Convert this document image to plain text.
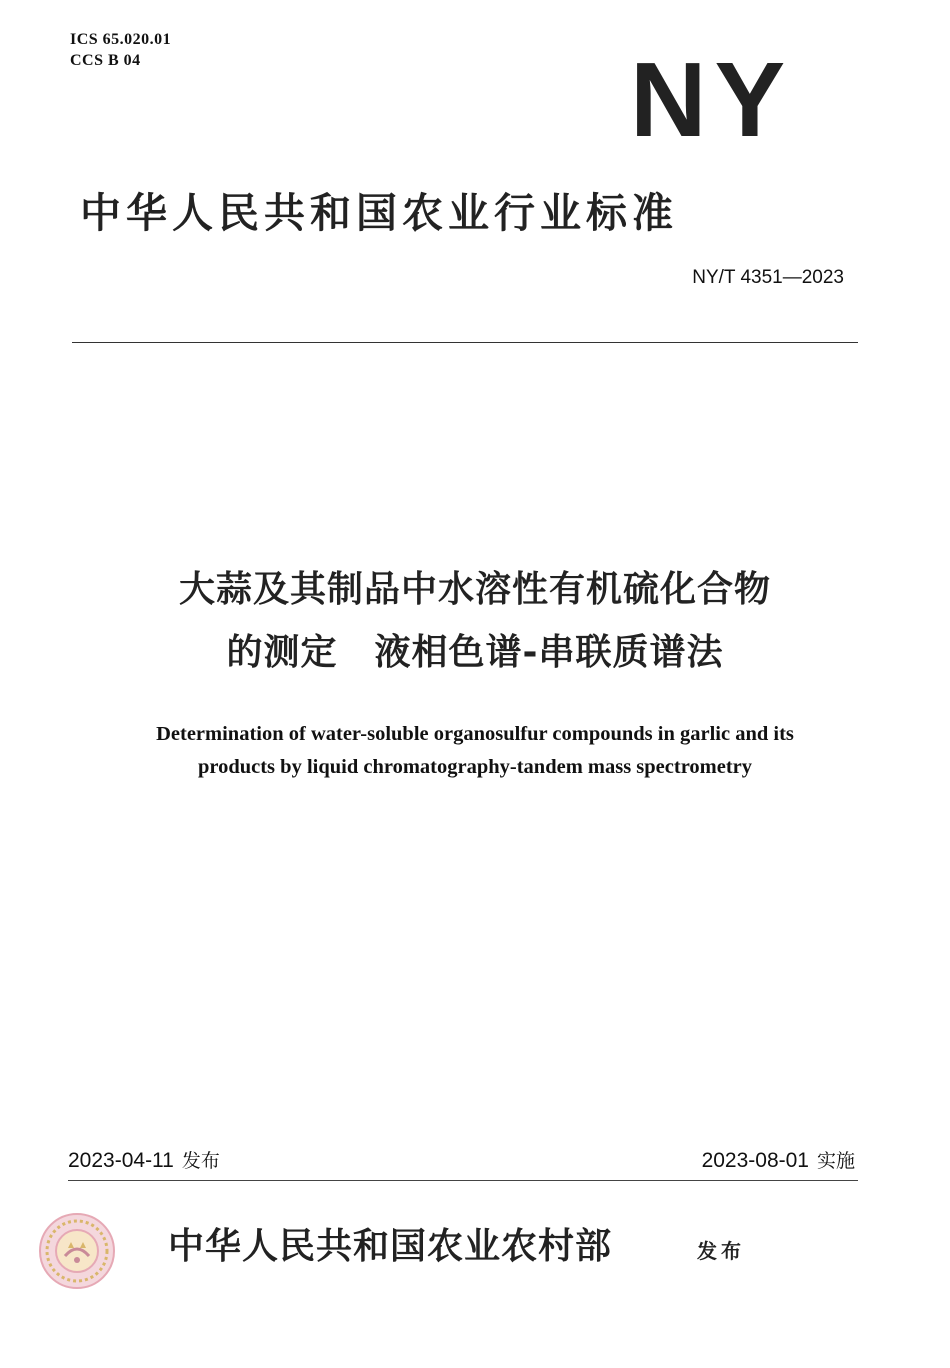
ICS 65.020.01
CCS B 04	NY
中华人民共和国农业行业标准
NY/T 4351—2023
大蒜及其制品中水溶性有机硫化合物
的测定　液相色谱-串联质谱法
Determination of water-soluble organosulfur compounds in garlic and its
products by liquid chromatography-tandem mass spectrometry
2023-04-11 发布	2023-08-01 实施
中华人民共和国农业农村部	发布
